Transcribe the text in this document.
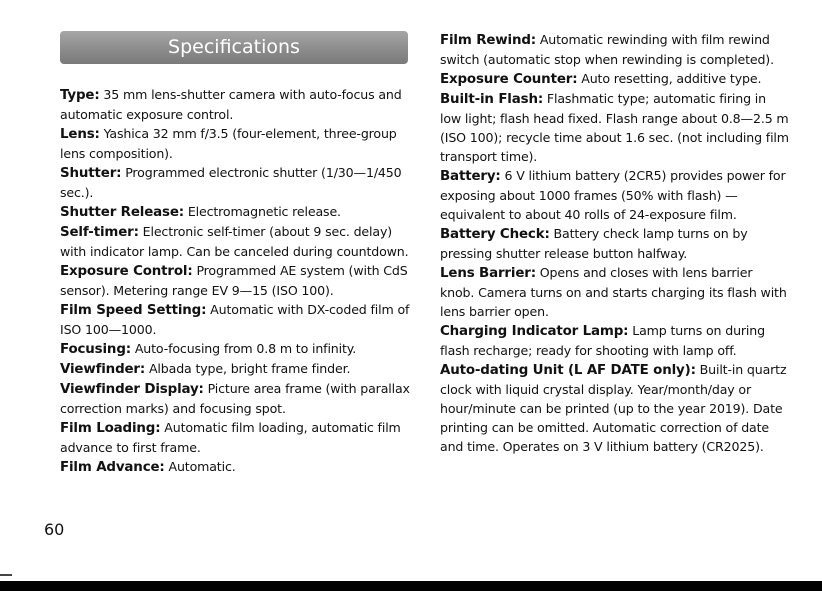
Specifications

Type: 35 mm lens-shutter camera with auto-focus and automatic exposure control.

Lens: Yashica 32 mm f/3.5 (four-element, three-group lens composition).

Shutter: Programmed electronic shutter (1/30—1/450 sec.).

Shutter Release: Electromagnetic release.

Self-timer: Electronic self-timer (about 9 sec. delay) with indicator lamp. Can be canceled during countdown.

Exposure Control: Programmed AE system (with CdS sensor). Metering range EV 9—15 (ISO 100).

Film Speed Setting: Automatic with DX-coded film of ISO 100—1000.

Focusing: Auto-focusing from 0.8 m to infinity.

Viewfinder: Albada type, bright frame finder.

Viewfinder Display: Picture area frame (with parallax correction marks) and focusing spot.

Film Loading: Automatic film loading, automatic film advance to first frame.

Film Advance: Automatic.

Film Rewind: Automatic rewinding with film rewind switch (automatic stop when rewinding is completed).

Exposure Counter: Auto resetting, additive type.

Built-in Flash: Flashmatic type; automatic firing in low light; flash head fixed. Flash range about 0.8—2.5 m (ISO 100); recycle time about 1.6 sec. (not including film transport time).

Battery: 6 V lithium battery (2CR5) provides power for exposing about 1000 frames (50% with flash) — equivalent to about 40 rolls of 24-exposure film.

Battery Check: Battery check lamp turns on by pressing shutter release button halfway.

Lens Barrier: Opens and closes with lens barrier knob. Camera turns on and starts charging its flash with lens barrier open.

Charging Indicator Lamp: Lamp turns on during flash recharge; ready for shooting with lamp off.

Auto-dating Unit (L AF DATE only): Built-in quartz clock with liquid crystal display. Year/month/day or hour/minute can be printed (up to the year 2019). Date printing can be omitted. Automatic correction of date and time. Operates on 3 V lithium battery (CR2025).

60
